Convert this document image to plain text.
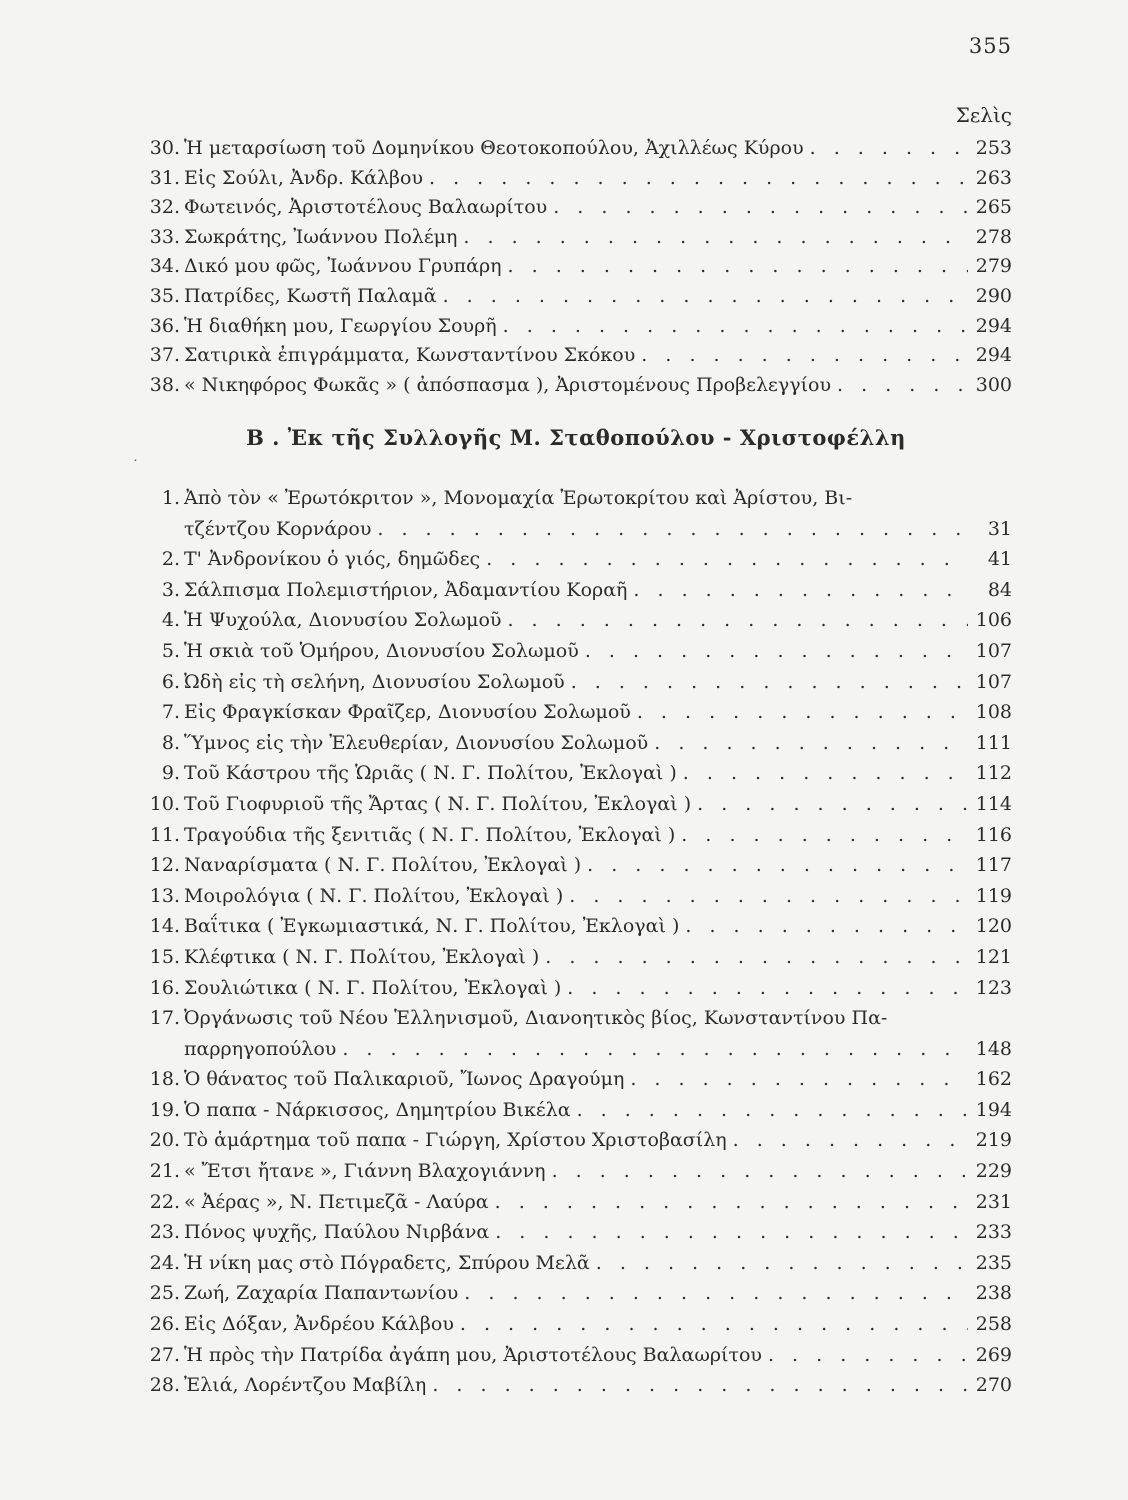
355
Σελὶς
30. Ἡ μεταρσίωση τοῦ Δομηνίκου Θεοτοκοπούλου, Ἀχιλλέως Κύρου . . .	253
31. Εἰς Σούλι, Ἀνδρ. Κάλβου . . .	263
32. Φωτεινός, Ἀριστοτέλους Βαλαωρίτου . . .	265
33. Σωκράτης, Ἰωάννου Πολέμη . . .	278
34. Δικό μου φῶς, Ἰωάννου Γρυπάρη . . .	279
35. Πατρίδες, Κωστῆ Παλαμᾶ . . .	290
36. Ἡ διαθήκη μου, Γεωργίου Σουρῆ . . .	294
37. Σατιρικὰ ἐπιγράμματα, Κωνσταντίνου Σκόκου . . .	294
38. « Νικηφόρος Φωκᾶς » ( ἀπόσπασμα ), Ἀριστομένους Προβελεγγίου . . .	300
Β . Ἐκ τῆς Συλλογῆς Μ. Σταθοπούλου - Χριστοφέλλη
1. Ἀπὸ τὸν « Ἐρωτόκριτον », Μονομαχία Ἐρωτοκρίτου καὶ Ἀρίστου, Βι-
τζέντζου Κορνάρου . . .	31
2. Τ' Ἀνδρονίκου ὁ γιός, δημῶδες . . .	41
3. Σάλπισμα Πολεμιστήριον, Ἀδαμαντίου Κοραῆ . . .	84
4. Ἡ Ψυχούλα, Διονυσίου Σολωμοῦ . . .	106
5. Ἡ σκιὰ τοῦ Ὁμήρου, Διονυσίου Σολωμοῦ . . .	107
6. Ὠδὴ εἰς τὴ σελήνη, Διονυσίου Σολωμοῦ . . .	107
7. Εἰς Φραγκίσκαν Φραῖζερ, Διονυσίου Σολωμοῦ . . .	108
8. Ὕμνος εἰς τὴν Ἐλευθερίαν, Διονυσίου Σολωμοῦ . . .	111
9. Τοῦ Κάστρου τῆς Ὡριᾶς ( Ν. Γ. Πολίτου, Ἐκλογαὶ ) . . .	112
10. Τοῦ Γιοφυριοῦ τῆς Ἄρτας ( Ν. Γ. Πολίτου, Ἐκλογαὶ ) . . .	114
11. Τραγούδια τῆς ξενιτιᾶς ( Ν. Γ. Πολίτου, Ἐκλογαὶ ) . . .	116
12. Ναναρίσματα ( Ν. Γ. Πολίτου, Ἐκλογαὶ ) . . .	117
13. Μοιρολόγια ( Ν. Γ. Πολίτου, Ἐκλογαὶ ) . . .	119
14. Βαΐτικα ( Ἐγκωμιαστικά, Ν. Γ. Πολίτου, Ἐκλογαὶ ) . . .	120
15. Κλέφτικα ( Ν. Γ. Πολίτου, Ἐκλογαὶ ) . . .	121
16. Σουλιώτικα ( Ν. Γ. Πολίτου, Ἐκλογαὶ ) . . .	123
17. Ὀργάνωσις τοῦ Νέου Ἑλληνισμοῦ, Διανοητικὸς βίος, Κωνσταντίνου Πα-
παρρηγοπούλου . . .	148
18. Ὁ θάνατος τοῦ Παλικαριοῦ, Ἴωνος Δραγούμη . . .	162
19. Ὁ παπα - Νάρκισσος, Δημητρίου Βικέλα . . .	194
20. Τὸ ἁμάρτημα τοῦ παπα - Γιώργη, Χρίστου Χριστοβασίλη . . .	219
21. « Ἔτσι ἤτανε », Γιάννη Βλαχογιάννη . . .	229
22. « Ἀέρας », Ν. Πετιμεζᾶ - Λαύρα . . .	231
23. Πόνος ψυχῆς, Παύλου Νιρβάνα . . .	233
24. Ἡ νίκη μας στὸ Πόγραδετς, Σπύρου Μελᾶ . . .	235
25. Ζωή, Ζαχαρία Παπαντωνίου . . .	238
26. Εἰς Δόξαν, Ἀνδρέου Κάλβου . . .	258
27. Ἡ πρὸς τὴν Πατρίδα ἀγάπη μου, Ἀριστοτέλους Βαλαωρίτου . . .	269
28. Ἐλιά, Λορέντζου Μαβίλη . . .	270
˙
